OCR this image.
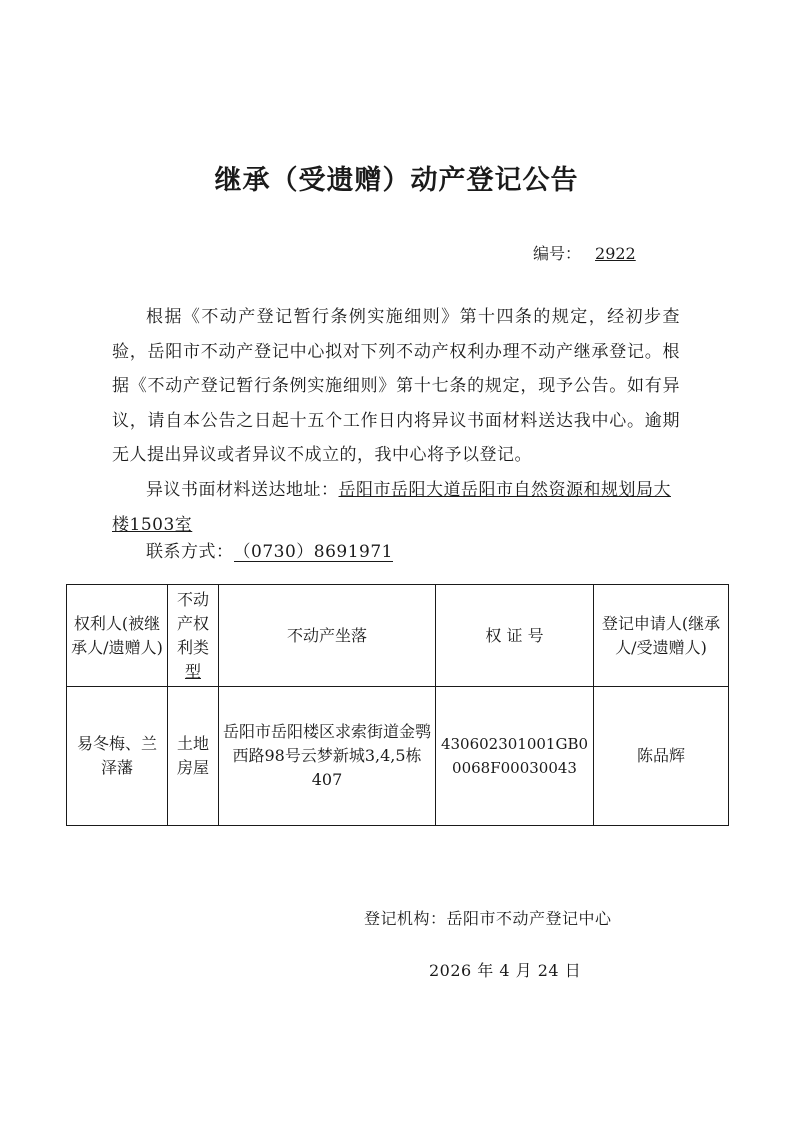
继承（受遗赠）动产登记公告
编号： 2922

根据《不动产登记暂行条例实施细则》第十四条的规定，经初步查验，岳阳市不动产登记中心拟对下列不动产权利办理不动产继承登记。根据《不动产登记暂行条例实施细则》第十七条的规定，现予公告。如有异议，请自本公告之日起十五个工作日内将异议书面材料送达我中心。逾期无人提出异议或者异议不成立的，我中心将予以登记。

异议书面材料送达地址：岳阳市岳阳大道岳阳市自然资源和规划局大楼1503室

联系方式：（0730）8691971
权利人(被继承人/遗赠人)	不动产权利类型	不动产坐落	权 证 号	登记申请人(继承人/受遗赠人)
易冬梅、兰泽藩	土地房屋	岳阳市岳阳楼区求索街道金鹗西路98号云梦新城3,4,5栋407	430602301001GB00068F00030043	陈品辉
登记机构：岳阳市不动产登记中心
2026 年 4 月 24 日
